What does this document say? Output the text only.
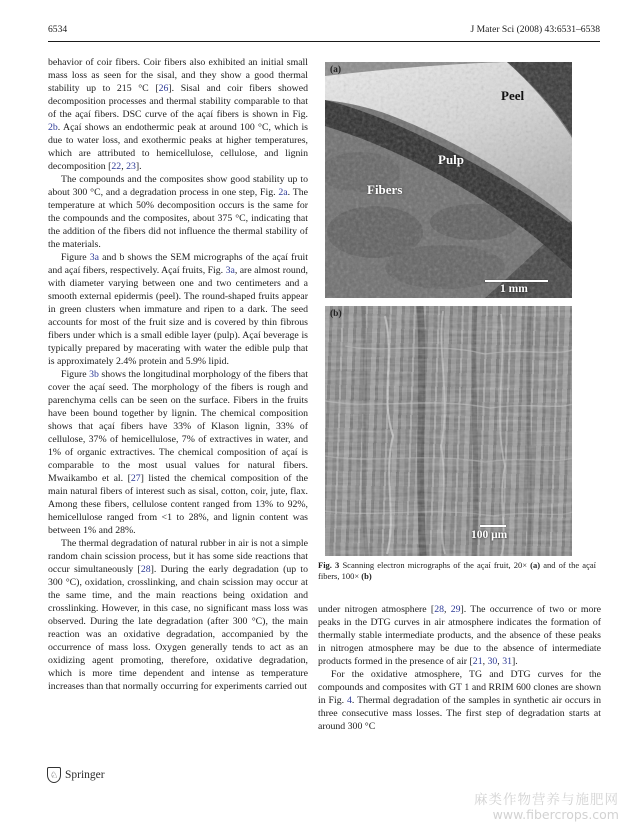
6534	J Mater Sci (2008) 43:6531–6538

behavior of coir fibers. Coir fibers also exhibited an initial small mass loss as seen for the sisal, and they show a good thermal stability up to 215 °C [26]. Sisal and coir fibers showed decomposition processes and thermal stability comparable to that of the açaí fibers. DSC curve of the açaí fibers is shown in Fig. 2b. Açaí shows an endothermic peak at around 100 °C, which is due to water loss, and exothermic peaks at higher temperatures, which are attributed to hemicellulose, cellulose, and lignin decomposition [22, 23].

The compounds and the composites show good stability up to about 300 °C, and a degradation process in one step, Fig. 2a. The temperature at which 50% decomposition occurs is the same for the compounds and the composites, about 375 °C, indicating that the addition of the fibers did not influence the thermal stability of the materials.

Figure 3a and b shows the SEM micrographs of the açaí fruit and açaí fibers, respectively. Açaí fruits, Fig. 3a, are almost round, with diameter varying between one and two centimeters and a smooth external epidermis (peel). The round-shaped fruits appear in green clusters when immature and ripen to a dark. The seed accounts for most of the fruit size and is covered by thin fibrous fibers under which is a small edible layer (pulp). Açaí beverage is typically prepared by macerating with water the edible pulp that is approximately 2.4% protein and 5.9% lipid.

Figure 3b shows the longitudinal morphology of the fibers that cover the açaí seed. The morphology of the fibers is rough and parenchyma cells can be seen on the surface. Fibers in the fruits have been bound together by lignin. The chemical composition shows that açaí fibers have 33% of Klason lignin, 33% of cellulose, 37% of hemicellulose, 7% of extractives in water, and 1% of organic extractives. The chemical composition of açaí is comparable to the most usual values for natural fibers. Mwaikambo et al. [27] listed the chemical composition of the main natural fibers of interest such as sisal, cotton, coir, jute, flax. Among these fibers, cellulose content ranged from 13% to 92%, hemicellulose ranged from <1 to 28%, and lignin content was between 1% and 28%.

The thermal degradation of natural rubber in air is not a simple random chain scission process, but it has some side reactions that occur simultaneously [28]. During the early degradation (up to 300 °C), oxidation, crosslinking, and chain scission may occur at the same time, and the main reactions being oxidation and crosslinking. However, in this case, no significant mass loss was observed. During the late degradation (after 300 °C), the main reaction was an oxidative degradation, accompanied by the occurrence of mass loss. Oxygen generally tends to act as an oxidizing agent promoting, therefore, oxidative degradation, which is more time dependent and intense as temperature increases than that normally occurring for experiments carried out

(a)
Peel
Pulp
Fibers
1 mm
(b)
100 μm
Fig. 3 Scanning electron micrographs of the açaí fruit, 20× (a) and of the açaí fibers, 100× (b)

under nitrogen atmosphere [28, 29]. The occurrence of two or more peaks in the DTG curves in air atmosphere indicates the formation of thermally stable intermediate products, and the absence of these peaks in nitrogen atmosphere may be due to the absence of intermediate products formed in the presence of air [21, 30, 31].

For the oxidative atmosphere, TG and DTG curves for the compounds and composites with GT 1 and RRIM 600 clones are shown in Fig. 4. Thermal degradation of the samples in synthetic air occurs in three consecutive mass losses. The first step of degradation starts at around 300 °C

♘ Springer
麻类作物营养与施肥网
www.fibercrops.com
